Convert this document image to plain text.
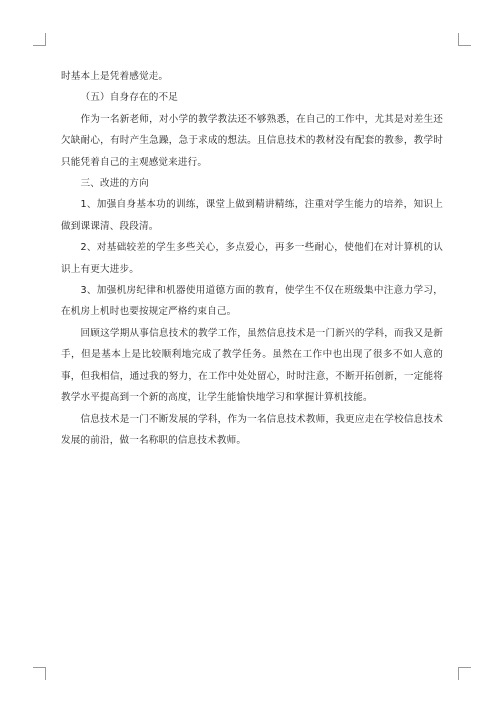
时基本上是凭着感觉走。

（五）自身存在的不足

作为一名新老师，对小学的教学教法还不够熟悉，在自己的工作中，尤其是对差生还欠缺耐心，有时产生急躁，急于求成的想法。且信息技术的教材没有配套的教参，教学时只能凭着自己的主观感觉来进行。

三、改进的方向

1、加强自身基本功的训练，课堂上做到精讲精练，注重对学生能力的培养，知识上做到课课清、段段清。

2、对基础较差的学生多些关心，多点爱心，再多一些耐心，使他们在对计算机的认识上有更大进步。

3、加强机房纪律和机器使用道德方面的教育，使学生不仅在班级集中注意力学习，在机房上机时也要按规定严格约束自己。

回顾这学期从事信息技术的教学工作，虽然信息技术是一门新兴的学科，而我又是新手，但是基本上是比较顺利地完成了教学任务。虽然在工作中也出现了很多不如人意的事，但我相信，通过我的努力，在工作中处处留心，时时注意，不断开拓创新，一定能将教学水平提高到一个新的高度，让学生能愉快地学习和掌握计算机技能。

信息技术是一门不断发展的学科，作为一名信息技术教师，我更应走在学校信息技术发展的前沿，做一名称职的信息技术教师。
